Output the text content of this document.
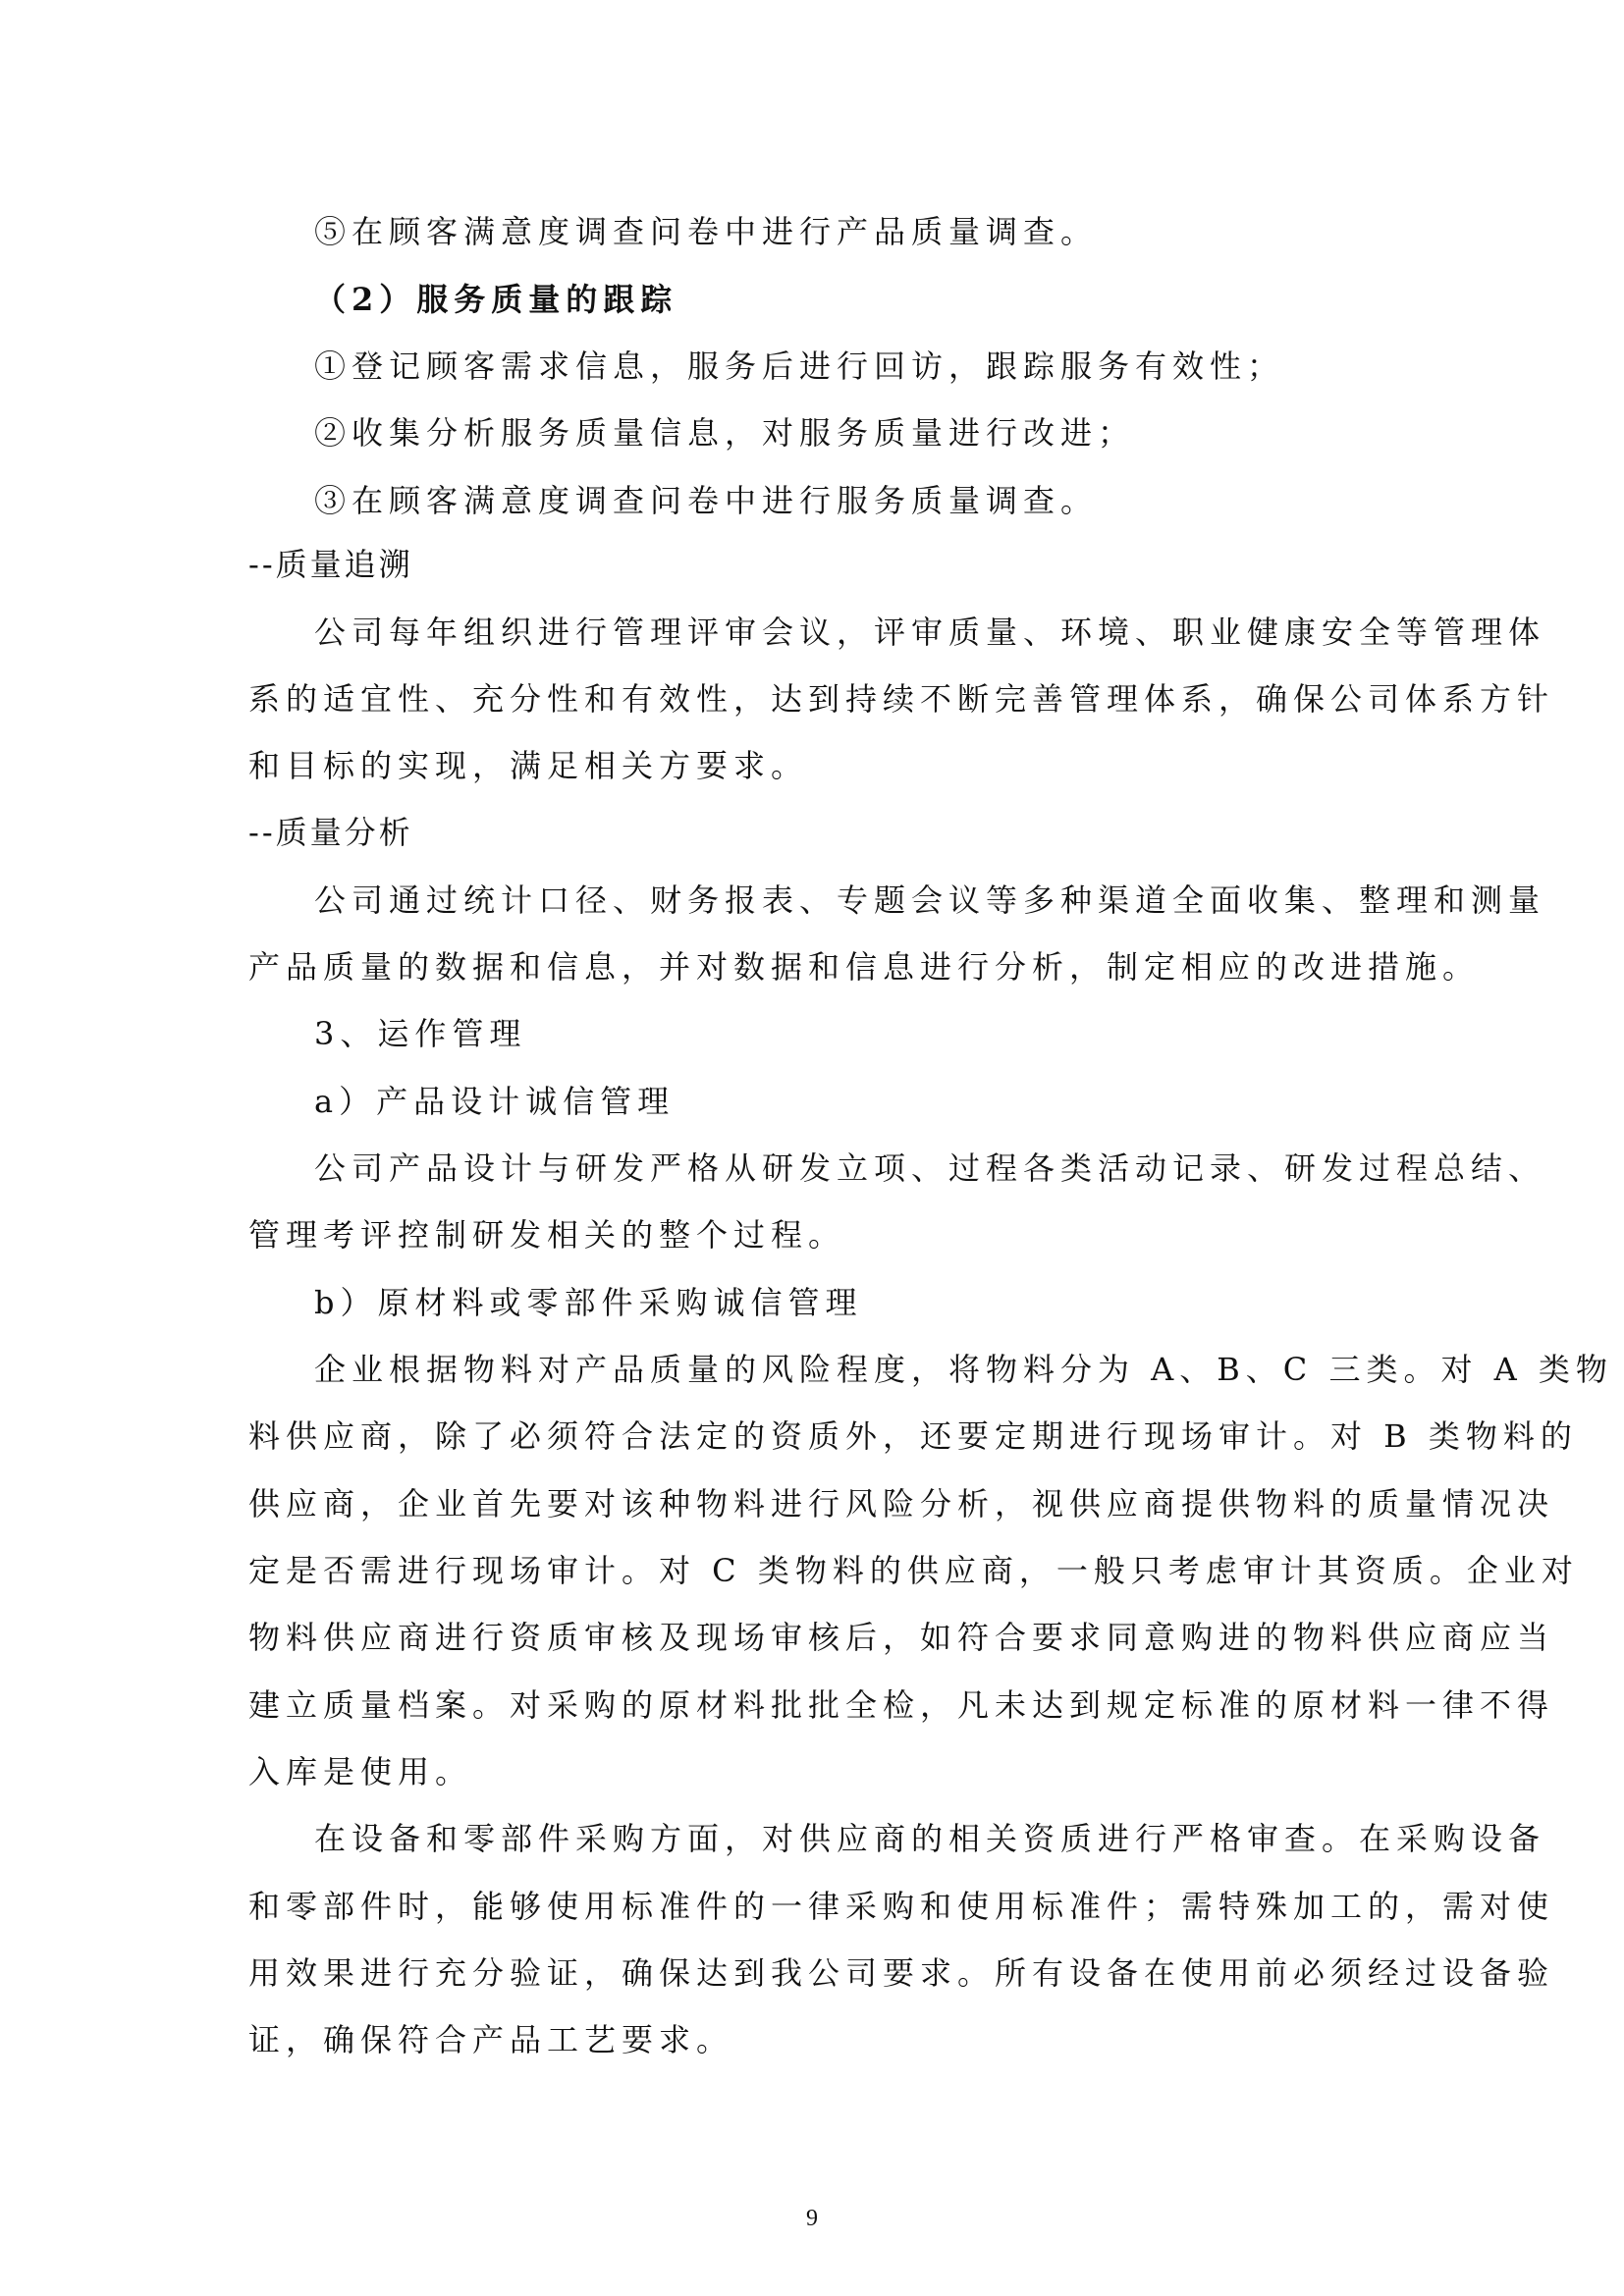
⑤在顾客满意度调查问卷中进行产品质量调查。
（2）服务质量的跟踪
①登记顾客需求信息，服务后进行回访，跟踪服务有效性；
②收集分析服务质量信息，对服务质量进行改进；
③在顾客满意度调查问卷中进行服务质量调查。
--质量追溯
公司每年组织进行管理评审会议，评审质量、环境、职业健康安全等管理体
系的适宜性、充分性和有效性，达到持续不断完善管理体系，确保公司体系方针
和目标的实现，满足相关方要求。
--质量分析
公司通过统计口径、财务报表、专题会议等多种渠道全面收集、整理和测量
产品质量的数据和信息，并对数据和信息进行分析，制定相应的改进措施。
3、运作管理
a）产品设计诚信管理
公司产品设计与研发严格从研发立项、过程各类活动记录、研发过程总结、
管理考评控制研发相关的整个过程。
b）原材料或零部件采购诚信管理
企业根据物料对产品质量的风险程度，将物料分为 A、B、C 三类。对 A 类物
料供应商，除了必须符合法定的资质外，还要定期进行现场审计。对 B 类物料的
供应商，企业首先要对该种物料进行风险分析，视供应商提供物料的质量情况决
定是否需进行现场审计。对 C 类物料的供应商，一般只考虑审计其资质。企业对
物料供应商进行资质审核及现场审核后，如符合要求同意购进的物料供应商应当
建立质量档案。对采购的原材料批批全检，凡未达到规定标准的原材料一律不得
入库是使用。
在设备和零部件采购方面，对供应商的相关资质进行严格审查。在采购设备
和零部件时，能够使用标准件的一律采购和使用标准件；需特殊加工的，需对使
用效果进行充分验证，确保达到我公司要求。所有设备在使用前必须经过设备验
证，确保符合产品工艺要求。
9
